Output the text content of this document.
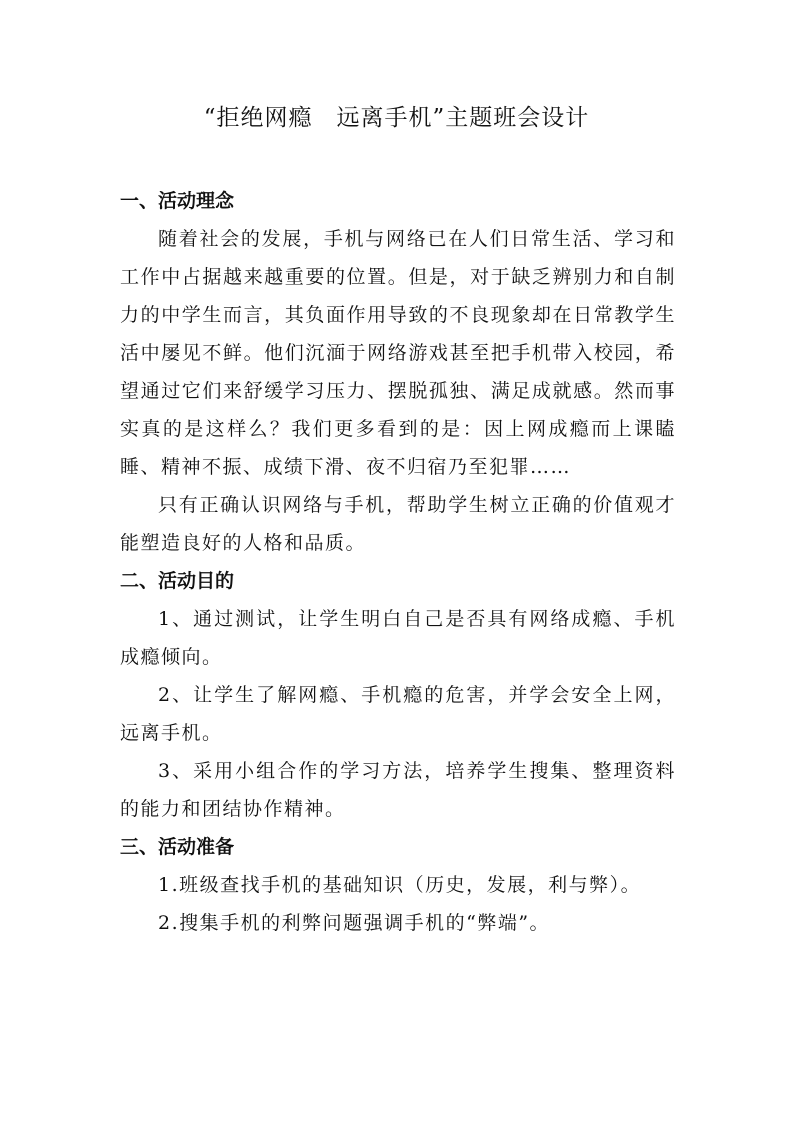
“拒绝网瘾　远离手机”主题班会设计
一、活动理念

随着社会的发展，手机与网络已在人们日常生活、学习和工作中占据越来越重要的位置。但是，对于缺乏辨别力和自制力的中学生而言，其负面作用导致的不良现象却在日常教学生活中屡见不鲜。他们沉湎于网络游戏甚至把手机带入校园，希望通过它们来舒缓学习压力、摆脱孤独、满足成就感。然而事实真的是这样么？我们更多看到的是：因上网成瘾而上课瞌睡、精神不振、成绩下滑、夜不归宿乃至犯罪……

只有正确认识网络与手机，帮助学生树立正确的价值观才能塑造良好的人格和品质。

二、活动目的

1、通过测试，让学生明白自己是否具有网络成瘾、手机成瘾倾向。

2、让学生了解网瘾、手机瘾的危害，并学会安全上网，远离手机。

3、采用小组合作的学习方法，培养学生搜集、整理资料的能力和团结协作精神。

三、活动准备

1.班级查找手机的基础知识（历史，发展，利与弊）。

2.搜集手机的利弊问题强调手机的“弊端”。
